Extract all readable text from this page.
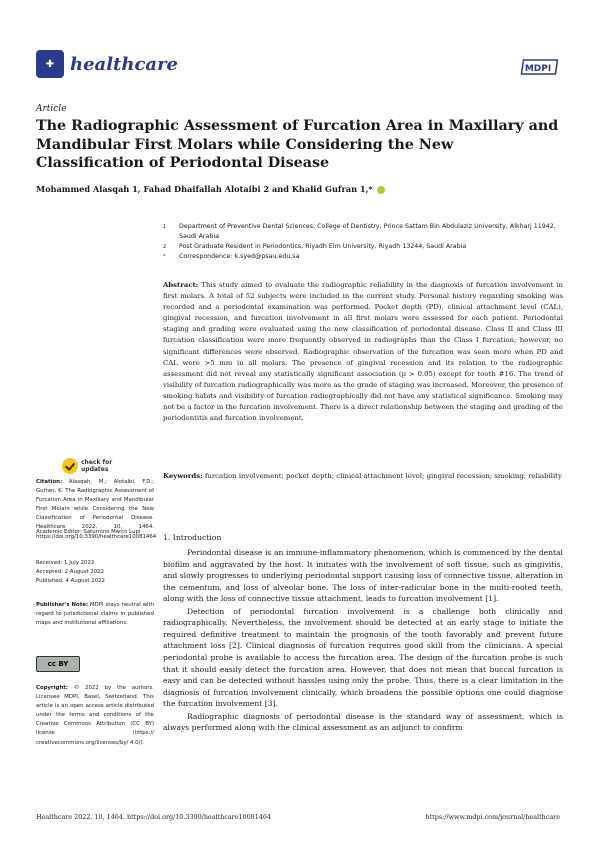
✚ healthcare	MDPI
Article
The Radiographic Assessment of Furcation Area in Maxillary and Mandibular First Molars while Considering the New Classification of Periodontal Disease
Mohammed Alasqah 1, Fahad Dhaifallah Alotaibi 2 and Khalid Gufran 1,*
1	Department of Preventive Dental Sciences, College of Dentistry, Prince Sattam Bin Abdulaziz University, Alkharj 11942, Saudi Arabia
2	Post Graduate Resident in Periodontics, Riyadh Elm University, Riyadh 13244, Saudi Arabia
*	Correspondence: k.syed@psau.edu.sa
Abstract: This study aimed to evaluate the radiographic reliability in the diagnosis of furcation involvement in first molars. A total of 52 subjects were included in the current study. Personal history regarding smoking was recorded and a periodontal examination was performed. Pocket depth (PD), clinical attachment level (CAL), gingival recession, and furcation involvement in all first molars were assessed for each patient. Periodontal staging and grading were evaluated using the new classification of periodontal disease. Class II and Class III furcation classification were more frequently observed in radiographs than the Class I furcation; however, no significant differences were observed. Radiographic observation of the furcation was seen more when PD and CAL were >5 mm in all molars. The presence of gingival recession and its relation to the radiographic assessment did not reveal any statistically significant association (p > 0.05) except for tooth #16. The trend of visibility of furcation radiographically was more as the grade of staging was increased. Moreover, the presence of smoking habits and visibility of furcation radiographically did not have any statistical significance. Smoking may not be a factor in the furcation involvement. There is a direct relationship between the staging and grading of the periodontitis and furcation involvement.
Keywords: furcation involvement; pocket depth; clinical attachment level; gingival recession; smoking; reliability
check for
updates
Citation: Alasqah, M.; Alotaibi, F.D.; Gufran, K. The Radiographic Assessment of Furcation Area in Maxillary and Mandibular First Molars while Considering the New Classification of Periodontal Disease. Healthcare 2022, 10, 1464. https://doi.org/10.3390/healthcare10081464
Academic Editor: Saturnino Marco Lupi
Received: 1 July 2022
Accepted: 2 August 2022
Published: 4 August 2022
Publisher's Note: MDPI stays neutral with regard to jurisdictional claims in published maps and institutional affiliations.
cc BY
Copyright: © 2022 by the authors. Licensee MDPI, Basel, Switzerland. This article is an open access article distributed under the terms and conditions of the Creative Commons Attribution (CC BY) license (https:// creativecommons.org/licenses/by/ 4.0/).
1. Introduction

Periodontal disease is an immune-inflammatory phenomenon, which is commenced by the dental biofilm and aggravated by the host. It initiates with the involvement of soft tissue, such as gingivitis, and slowly progresses to underlying periodontal support causing loss of connective tissue, alteration in the cementum, and loss of alveolar bone. The loss of inter-radicular bone in the multi-rooted teeth, along with the loss of connective tissue attachment, leads to furcation involvement [1].

Detection of periodontal furcation involvement is a challenge both clinically and radiographically. Nevertheless, the involvement should be detected at an early stage to initiate the required definitive treatment to maintain the prognosis of the tooth favorably and prevent future attachment loss [2]. Clinical diagnosis of furcation requires good skill from the clinicians. A special periodontal probe is available to access the furcation area. The design of the furcation probe is such that it should easily detect the furcation area. However, that does not mean that buccal furcation is easy and can be detected without hassles using only the probe. Thus, there is a clear limitation in the diagnosis of furcation involvement clinically, which broadens the possible options one could diagnose the furcation involvement [3].

Radiographic diagnosis of periodontal disease is the standard way of assessment, which is always performed along with the clinical assessment as an adjunct to confirm

Healthcare 2022, 10, 1464. https://doi.org/10.3390/healthcare10081464	https://www.mdpi.com/journal/healthcare
